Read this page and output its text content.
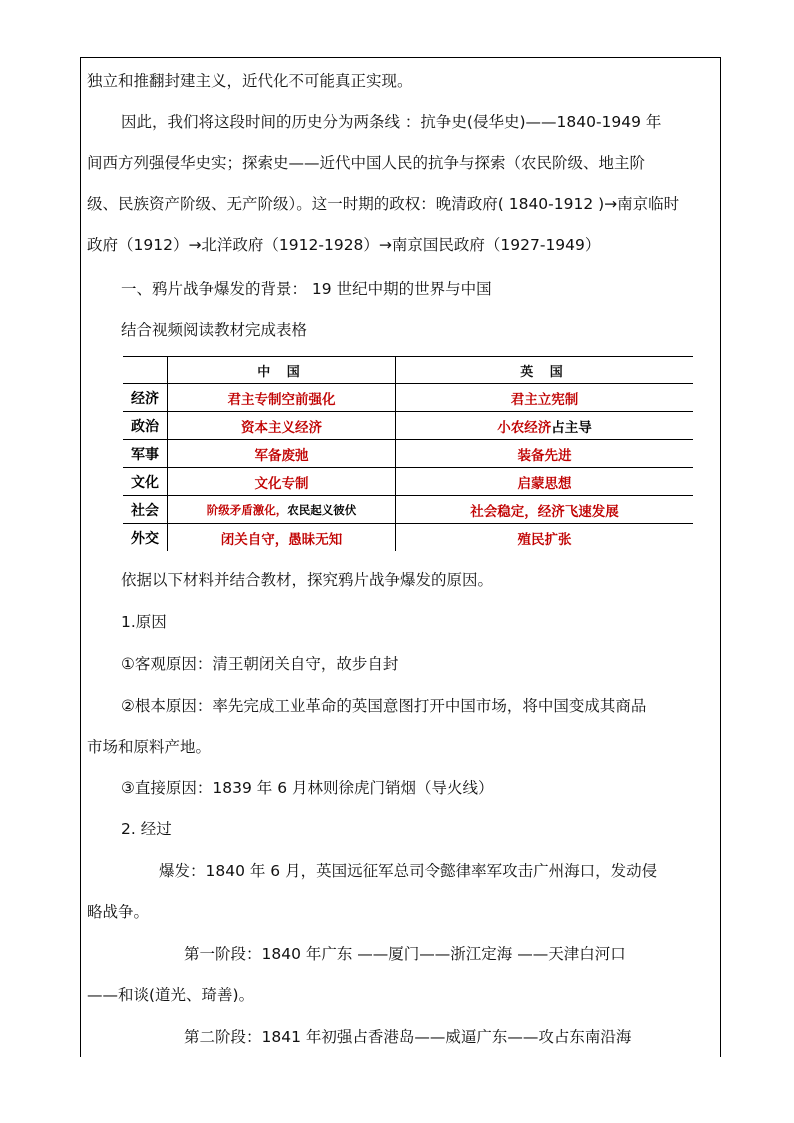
独立和推翻封建主义，近代化不可能真正实现。
因此，我们将这段时间的历史分为两条线 ：抗争史(侵华史)——1840-1949 年
间西方列强侵华史实；探索史——近代中国人民的抗争与探索（农民阶级、地主阶
级、民族资产阶级、无产阶级）。这一时期的政权：晚清政府( 1840-1912 )→南京临时
政府（1912）→北洋政府（1912-1928）→南京国民政府（1927-1949）
一、鸦片战争爆发的背景： 19 世纪中期的世界与中国
结合视频阅读教材完成表格
	中 国	英 国
经济	君主专制空前强化	君主立宪制
政治	资本主义经济	小农经济占主导
军事	军备废弛	装备先进
文化	文化专制	启蒙思想
社会	阶级矛盾激化，农民起义彼伏	社会稳定，经济飞速发展
外交	闭关自守，愚昧无知	殖民扩张
依据以下材料并结合教材，探究鸦片战争爆发的原因。
1.原因
①客观原因：清王朝闭关自守，故步自封
②根本原因：率先完成工业革命的英国意图打开中国市场，将中国变成其商品
市场和原料产地。
③直接原因：1839 年 6 月林则徐虎门销烟（导火线）
2. 经过
爆发：1840 年 6 月，英国远征军总司令懿律率军攻击广州海口，发动侵
略战争。
第一阶段：1840 年广东 ——厦门——浙江定海 ——天津白河口
——和谈(道光、琦善)。
第二阶段：1841 年初强占香港岛——威逼广东——攻占东南沿海
